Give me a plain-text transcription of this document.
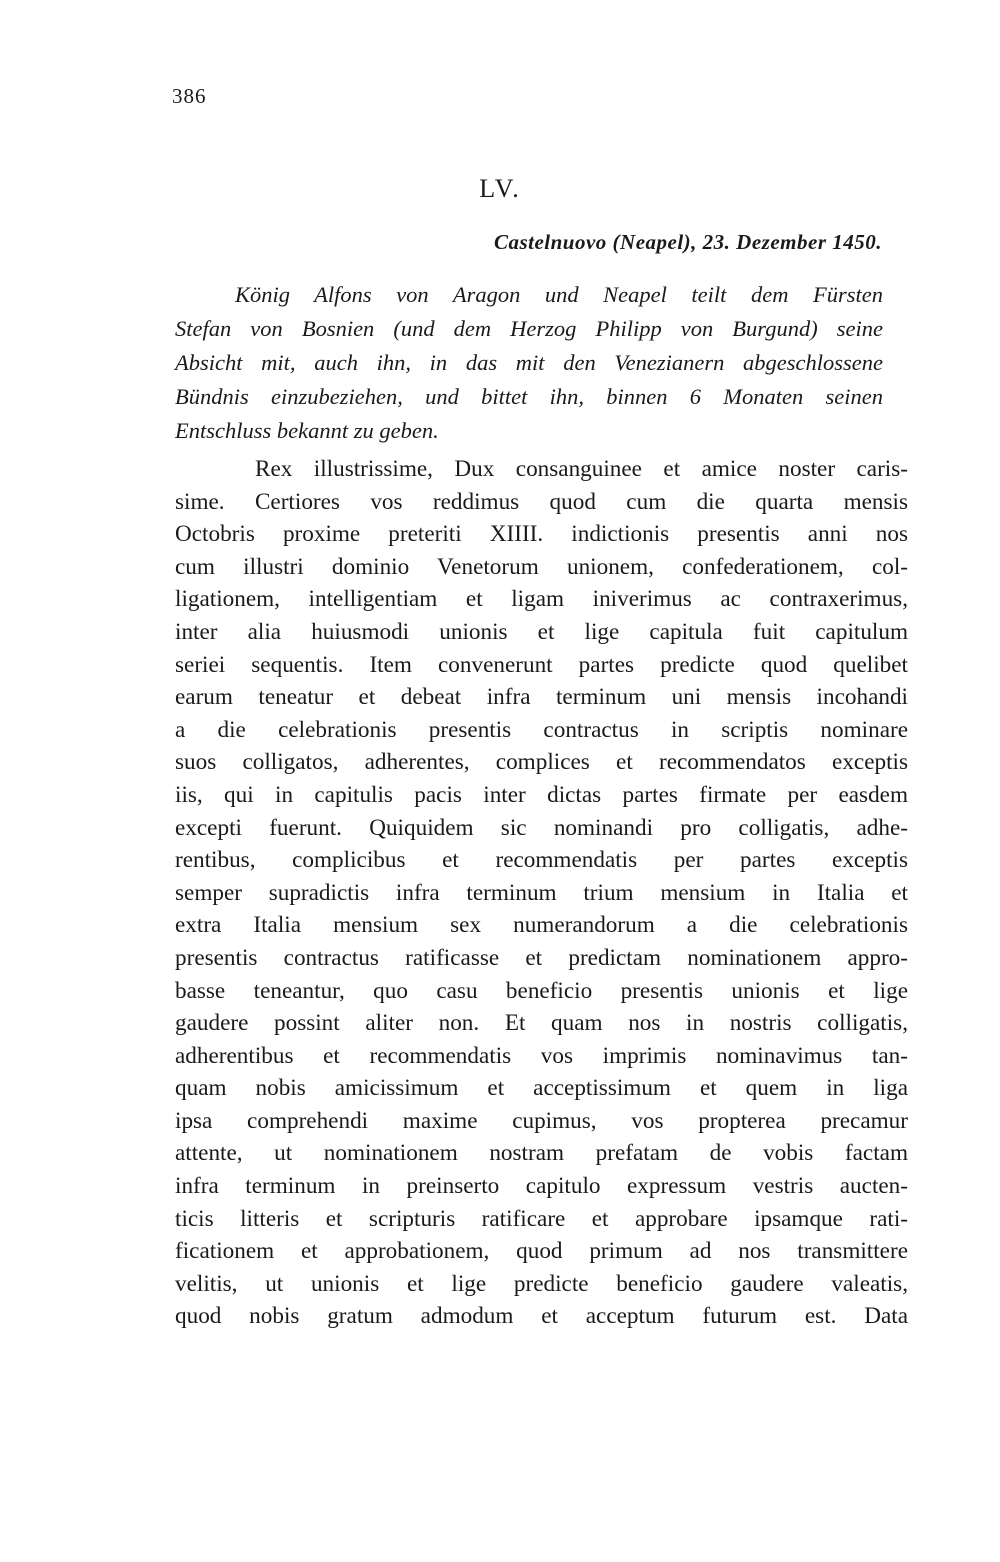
386
LV.
Castelnuovo (Neapel), 23. Dezember 1450.
König Alfons von Aragon und Neapel teilt dem Fürsten
Stefan von Bosnien (und dem Herzog Philipp von Burgund) seine
Absicht mit, auch ihn, in das mit den Venezianern abgeschlossene
Bündnis einzubeziehen, und bittet ihn, binnen 6 Monaten seinen
Entschluss bekannt zu geben.
Rex illustrissime, Dux consanguinee et amice noster caris-
sime. Certiores vos reddimus quod cum die quarta mensis
Octobris proxime preteriti XIIII. indictionis presentis anni nos
cum illustri dominio Venetorum unionem, confederationem, col-
ligationem, intelligentiam et ligam iniverimus ac contraxerimus,
inter alia huiusmodi unionis et lige capitula fuit capitulum
seriei sequentis. Item convenerunt partes predicte quod quelibet
earum teneatur et debeat infra terminum uni mensis incohandi
a die celebrationis presentis contractus in scriptis nominare
suos colligatos, adherentes, complices et recommendatos exceptis
iis, qui in capitulis pacis inter dictas partes firmate per easdem
excepti fuerunt. Quiquidem sic nominandi pro colligatis, adhe-
rentibus, complicibus et recommendatis per partes exceptis
semper supradictis infra terminum trium mensium in Italia et
extra Italia mensium sex numerandorum a die celebrationis
presentis contractus ratificasse et predictam nominationem appro-
basse teneantur, quo casu beneficio presentis unionis et lige
gaudere possint aliter non. Et quam nos in nostris colligatis,
adherentibus et recommendatis vos imprimis nominavimus tan-
quam nobis amicissimum et acceptissimum et quem in liga
ipsa comprehendi maxime cupimus, vos propterea precamur
attente, ut nominationem nostram prefatam de vobis factam
infra terminum in preinserto capitulo expressum vestris aucten-
ticis litteris et scripturis ratificare et approbare ipsamque rati-
ficationem et approbationem, quod primum ad nos transmittere
velitis, ut unionis et lige predicte beneficio gaudere valeatis,
quod nobis gratum admodum et acceptum futurum est. Data
